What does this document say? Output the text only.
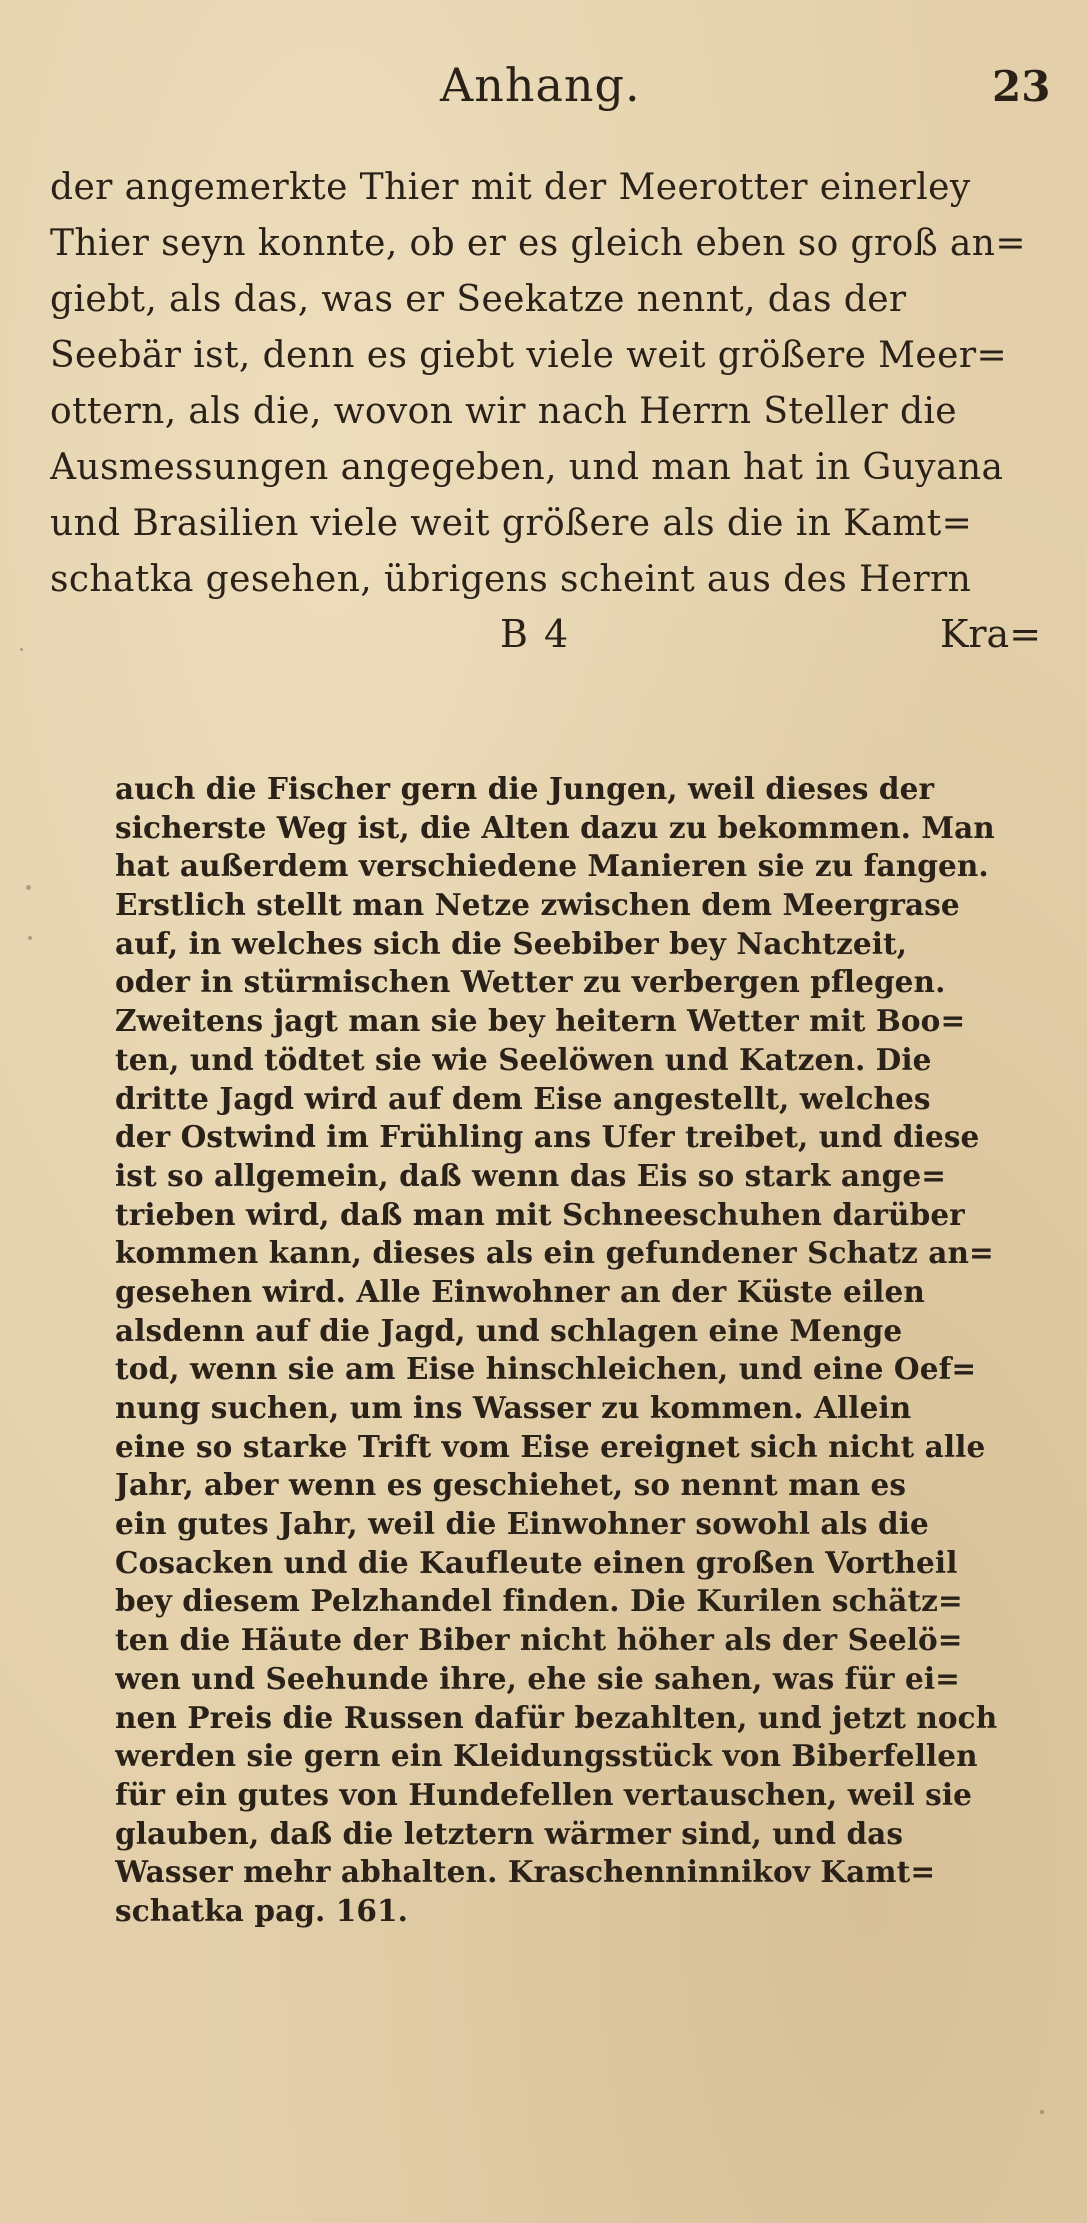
Anhang.	23
der angemerkte Thier mit der Meerotter einerley
Thier seyn konnte, ob er es gleich eben so groß an=
giebt, als das, was er Seekatze nennt, das der
Seebär ist, denn es giebt viele weit größere Meer=
ottern, als die, wovon wir nach Herrn Steller die
Ausmessungen angegeben, und man hat in Guyana
und Brasilien viele weit größere als die in Kamt=
schatka gesehen, übrigens scheint aus des Herrn
B 4	Kra=
auch die Fischer gern die Jungen, weil dieses der
sicherste Weg ist, die Alten dazu zu bekommen. Man
hat außerdem verschiedene Manieren sie zu fangen.
Erstlich stellt man Netze zwischen dem Meergrase
auf, in welches sich die Seebiber bey Nachtzeit,
oder in stürmischen Wetter zu verbergen pflegen.
Zweitens jagt man sie bey heitern Wetter mit Boo=
ten, und tödtet sie wie Seelöwen und Katzen. Die
dritte Jagd wird auf dem Eise angestellt, welches
der Ostwind im Frühling ans Ufer treibet, und diese
ist so allgemein, daß wenn das Eis so stark ange=
trieben wird, daß man mit Schneeschuhen darüber
kommen kann, dieses als ein gefundener Schatz an=
gesehen wird. Alle Einwohner an der Küste eilen
alsdenn auf die Jagd, und schlagen eine Menge
tod, wenn sie am Eise hinschleichen, und eine Oef=
nung suchen, um ins Wasser zu kommen. Allein
eine so starke Trift vom Eise ereignet sich nicht alle
Jahr, aber wenn es geschiehet, so nennt man es
ein gutes Jahr, weil die Einwohner sowohl als die
Cosacken und die Kaufleute einen großen Vortheil
bey diesem Pelzhandel finden. Die Kurilen schätz=
ten die Häute der Biber nicht höher als der Seelö=
wen und Seehunde ihre, ehe sie sahen, was für ei=
nen Preis die Russen dafür bezahlten, und jetzt noch
werden sie gern ein Kleidungsstück von Biberfellen
für ein gutes von Hundefellen vertauschen, weil sie
glauben, daß die letztern wärmer sind, und das
Wasser mehr abhalten. Kraschenninnikov Kamt=
schatka pag. 161.
